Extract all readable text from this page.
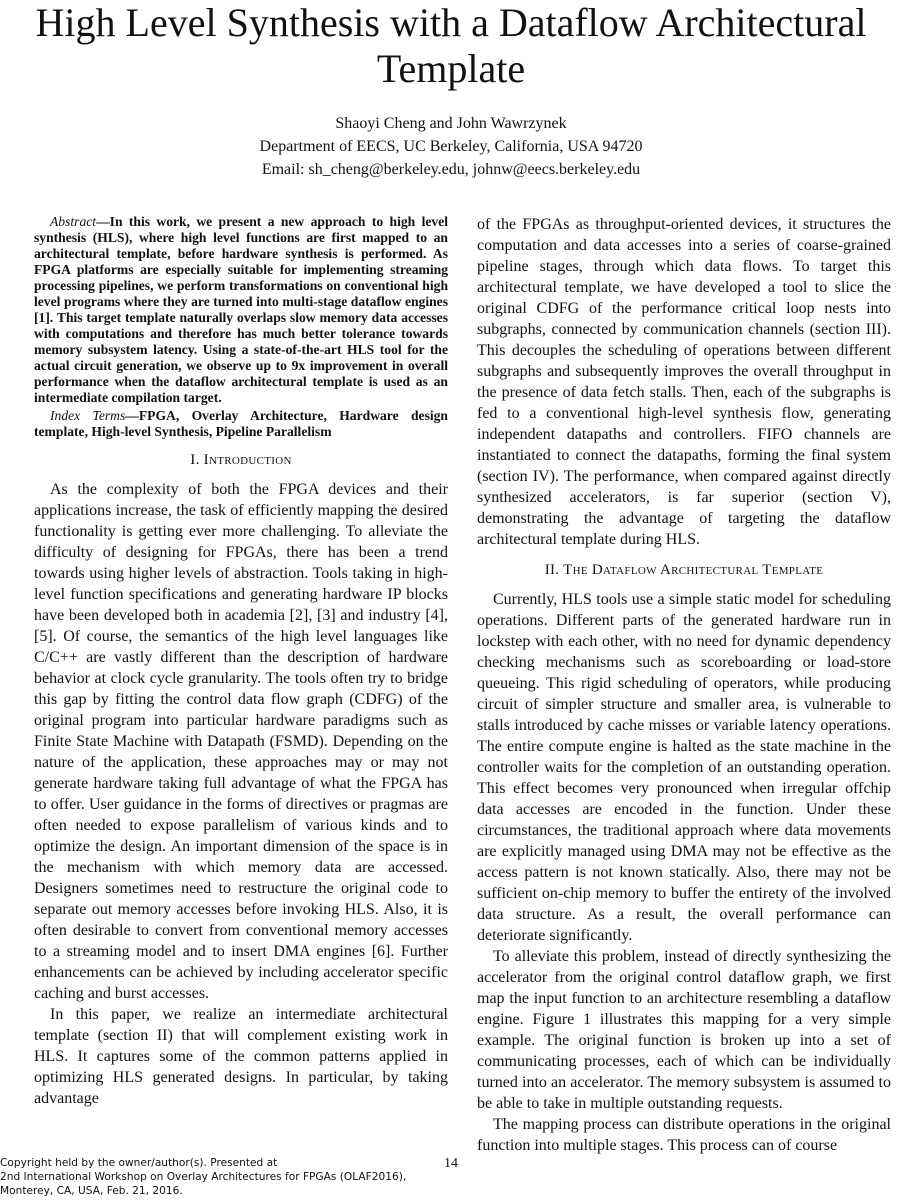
High Level Synthesis with a Dataflow Architectural
Template
Shaoyi Cheng and John Wawrzynek
Department of EECS, UC Berkeley, California, USA 94720
Email: sh_cheng@berkeley.edu, johnw@eecs.berkeley.edu

Abstract—In this work, we present a new approach to high level synthesis (HLS), where high level functions are first mapped to an architectural template, before hardware synthesis is performed. As FPGA platforms are especially suitable for implementing streaming processing pipelines, we perform transformations on conventional high level programs where they are turned into multi-stage dataflow engines [1]. This target template naturally overlaps slow memory data accesses with computations and therefore has much better tolerance towards memory subsystem latency. Using a state-of-the-art HLS tool for the actual circuit generation, we observe up to 9x improvement in overall performance when the dataflow architectural template is used as an intermediate compilation target.

Index Terms—FPGA, Overlay Architecture, Hardware design template, High-level Synthesis, Pipeline Parallelism

I. Introduction

As the complexity of both the FPGA devices and their applications increase, the task of efficiently mapping the desired functionality is getting ever more challenging. To alleviate the difficulty of designing for FPGAs, there has been a trend towards using higher levels of abstraction. Tools taking in high-level function specifications and generating hardware IP blocks have been developed both in academia [2], [3] and industry [4], [5]. Of course, the semantics of the high level languages like C/C++ are vastly different than the description of hardware behavior at clock cycle granularity. The tools often try to bridge this gap by fitting the control data flow graph (CDFG) of the original program into particular hardware paradigms such as Finite State Machine with Datapath (FSMD). Depending on the nature of the application, these approaches may or may not generate hardware taking full advantage of what the FPGA has to offer. User guidance in the forms of directives or pragmas are often needed to expose parallelism of various kinds and to optimize the design. An important dimension of the space is in the mechanism with which memory data are accessed. Designers sometimes need to restructure the original code to separate out memory accesses before invoking HLS. Also, it is often desirable to convert from conventional memory accesses to a streaming model and to insert DMA engines [6]. Further enhancements can be achieved by including accelerator specific caching and burst accesses.

In this paper, we realize an intermediate architectural template (section II) that will complement existing work in HLS. It captures some of the common patterns applied in optimizing HLS generated designs. In particular, by taking advantage

of the FPGAs as throughput-oriented devices, it structures the computation and data accesses into a series of coarse-grained pipeline stages, through which data flows. To target this architectural template, we have developed a tool to slice the original CDFG of the performance critical loop nests into subgraphs, connected by communication channels (section III). This decouples the scheduling of operations between different subgraphs and subsequently improves the overall throughput in the presence of data fetch stalls. Then, each of the subgraphs is fed to a conventional high-level synthesis flow, generating independent datapaths and controllers. FIFO channels are instantiated to connect the datapaths, forming the final system (section IV). The performance, when compared against directly synthesized accelerators, is far superior (section V), demonstrating the advantage of targeting the dataflow architectural template during HLS.

II. The Dataflow Architectural Template

Currently, HLS tools use a simple static model for scheduling operations. Different parts of the generated hardware run in lockstep with each other, with no need for dynamic dependency checking mechanisms such as scoreboarding or load-store queueing. This rigid scheduling of operators, while producing circuit of simpler structure and smaller area, is vulnerable to stalls introduced by cache misses or variable latency operations. The entire compute engine is halted as the state machine in the controller waits for the completion of an outstanding operation. This effect becomes very pronounced when irregular offchip data accesses are encoded in the function. Under these circumstances, the traditional approach where data movements are explicitly managed using DMA may not be effective as the access pattern is not known statically. Also, there may not be sufficient on-chip memory to buffer the entirety of the involved data structure. As a result, the overall performance can deteriorate significantly.

To alleviate this problem, instead of directly synthesizing the accelerator from the original control dataflow graph, we first map the input function to an architecture resembling a dataflow engine. Figure 1 illustrates this mapping for a very simple example. The original function is broken up into a set of communicating processes, each of which can be individually turned into an accelerator. The memory subsystem is assumed to be able to take in multiple outstanding requests.

The mapping process can distribute operations in the original function into multiple stages. This process can of course

14
Copyright held by the owner/author(s). Presented at
2nd International Workshop on Overlay Architectures for FPGAs (OLAF2016),
Monterey, CA, USA, Feb. 21, 2016.
